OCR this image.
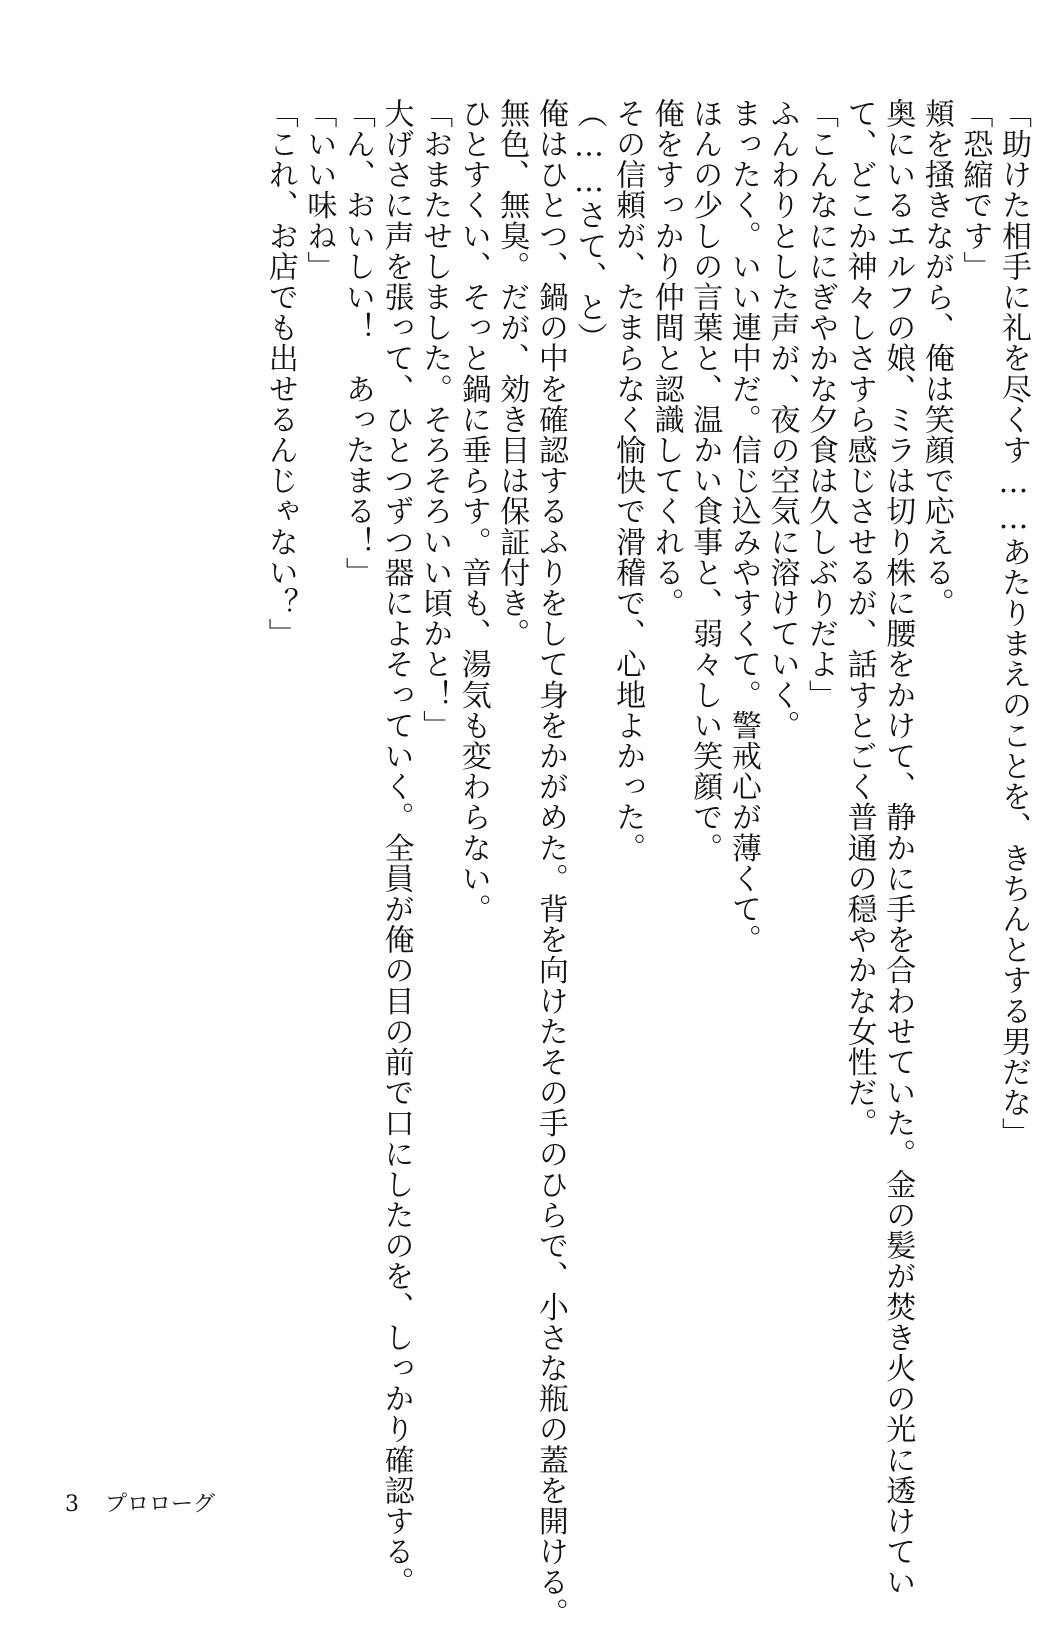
「助けた相手に礼を尽くす……あたりまえのことを、きちんとする男だな」

「恐縮です」

頬を掻きながら、俺は笑顔で応える。

奥にいるエルフの娘、ミラは切り株に腰をかけて、静かに手を合わせていた。金の髪が焚き火の光に透けてい

て、どこか神々しさすら感じさせるが、話すとごく普通の穏やかな女性だ。

「こんなににぎやかな夕食は久しぶりだよ」

ふんわりとした声が、夜の空気に溶けていく。

まったく。いい連中だ。信じ込みやすくて。警戒心が薄くて。

ほんの少しの言葉と、温かい食事と、弱々しい笑顔で。

俺をすっかり仲間と認識してくれる。

その信頼が、たまらなく愉快で滑稽で、心地よかった。

（……さて、と）

俺はひとつ、鍋の中を確認するふりをして身をかがめた。背を向けたその手のひらで、小さな瓶の蓋を開ける。

無色、無臭。だが、効き目は保証付き。

ひとすくい、そっと鍋に垂らす。音も、湯気も変わらない。

「おまたせしました。そろそろいい頃かと！」

大げさに声を張って、ひとつずつ器によそっていく。全員が俺の目の前で口にしたのを、しっかり確認する。

「ん、おいしい！　あったまる！」

「いい味ね」

「これ、お店でも出せるんじゃない？」

3 プロローグ
